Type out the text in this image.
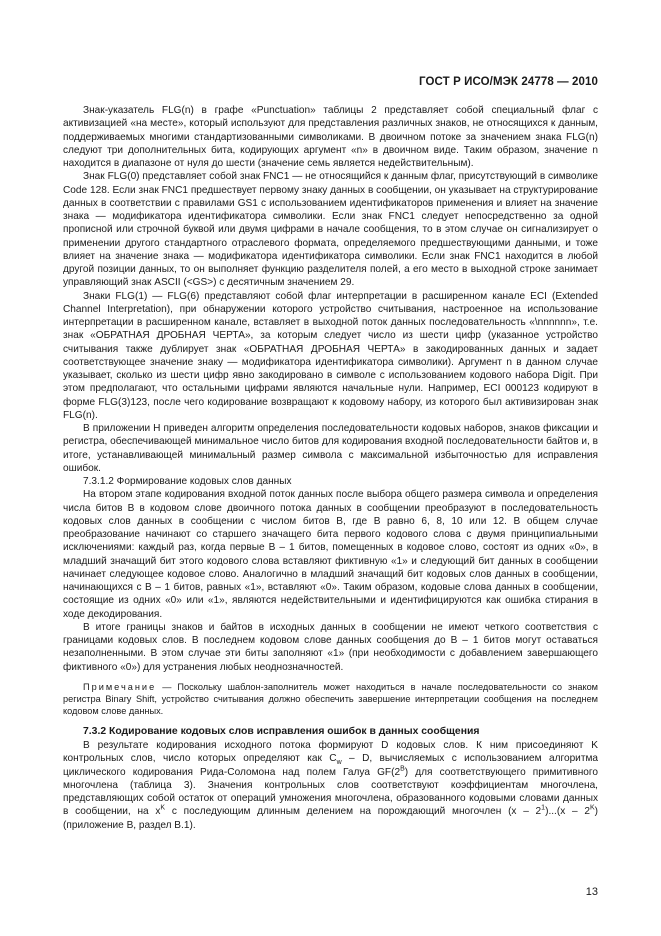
ГОСТ Р ИСО/МЭК 24778 — 2010

Знак-указатель FLG(n) в графе «Punctuation» таблицы 2 представляет собой специальный флаг с активизацией «на месте», который используют для представления различных знаков, не относящихся к данным, поддерживаемых многими стандартизованными символиками. В двоичном потоке за значением знака FLG(n) следуют три дополнительных бита, кодирующих аргумент «n» в двоичном виде. Таким образом, значение n находится в диапазоне от нуля до шести (значение семь является недействительным).

Знак FLG(0) представляет собой знак FNC1 — не относящийся к данным флаг, присутствующий в символике Code 128. Если знак FNC1 предшествует первому знаку данных в сообщении, он указывает на структурирование данных в соответствии с правилами GS1 с использованием идентификаторов применения и влияет на значение знака — модификатора идентификатора символики. Если знак FNC1 следует непосредственно за одной прописной или строчной буквой или двумя цифрами в начале сообщения, то в этом случае он сигнализирует о применении другого стандартного отраслевого формата, определяемого предшествующими данными, и тоже влияет на значение знака — модификатора идентификатора символики. Если знак FNC1 находится в любой другой позиции данных, то он выполняет функцию разделителя полей, а его место в выходной строке занимает управляющий знак ASCII (<GS>) с десятичным значением 29.

Знаки FLG(1) — FLG(6) представляют собой флаг интерпретации в расширенном канале ECI (Extended Channel Interpretation), при обнаружении которого устройство считывания, настроенное на использование интерпретации в расширенном канале, вставляет в выходной поток данных последовательность «\nnnnnn», т.е. знак «ОБРАТНАЯ ДРОБНАЯ ЧЕРТА», за которым следует число из шести цифр (указанное устройство считывания также дублирует знак «ОБРАТНАЯ ДРОБНАЯ ЧЕРТА» в закодированных данных и задает соответствующее значение знаку — модификатора идентификатора символики). Аргумент n в данном случае указывает, сколько из шести цифр явно закодировано в символе с использованием кодового набора Digit. При этом предполагают, что остальными цифрами являются начальные нули. Например, ECI 000123 кодируют в форме FLG(3)123, после чего кодирование возвращают к кодовому набору, из которого был активизирован знак FLG(n).

В приложении Н приведен алгоритм определения последовательности кодовых наборов, знаков фиксации и регистра, обеспечивающей минимальное число битов для кодирования входной последовательности байтов и, в итоге, устанавливающей минимальный размер символа с максимальной избыточностью для исправления ошибок.

7.3.1.2 Формирование кодовых слов данных

На втором этапе кодирования входной поток данных после выбора общего размера символа и определения числа битов В в кодовом слове двоичного потока данных в сообщении преобразуют в последовательность кодовых слов данных в сообщении с числом битов В, где В равно 6, 8, 10 или 12. В общем случае преобразование начинают со старшего значащего бита первого кодового слова с двумя принципиальными исключениями: каждый раз, когда первые В – 1 битов, помещенных в кодовое слово, состоят из одних «0», в младший значащий бит этого кодового слова вставляют фиктивную «1» и следующий бит данных в сообщении начинает следующее кодовое слово. Аналогично в младший значащий бит кодовых слов данных в сообщении, начинающихся с В – 1 битов, равных «1», вставляют «0». Таким образом, кодовые слова данных в сообщении, состоящие из одних «0» или «1», являются недействительными и идентифицируются как ошибка стирания в ходе декодирования.

В итоге границы знаков и байтов в исходных данных в сообщении не имеют четкого соответствия с границами кодовых слов. В последнем кодовом слове данных сообщения до В – 1 битов могут оставаться незаполненными. В этом случае эти биты заполняют «1» (при необходимости с добавлением завершающего фиктивного «0») для устранения любых неоднозначностей.

Примечание — Поскольку шаблон-заполнитель может находиться в начале последовательности со знаком регистра Binary Shift, устройство считывания должно обеспечить завершение интерпретации сообщения на последнем кодовом слове данных.

7.3.2 Кодирование кодовых слов исправления ошибок в данных сообщения

В результате кодирования исходного потока формируют D кодовых слов. К ним присоединяют K контрольных слов, число которых определяют как $C_w$ – D, вычисляемых с использованием алгоритма циклического кодирования Рида-Соломона над полем Галуа $GF(2^B)$ для соответствующего примитивного многочлена (таблица 3). Значения контрольных слов соответствуют коэффициентам многочлена, представляющих собой остаток от операций умножения многочлена, образованного кодовыми словами данных в сообщении, на $x^K$ с последующим длинным делением на порождающий многочлен $(x - 2^1)...(x - 2^K)$ (приложение В, раздел В.1).

13
